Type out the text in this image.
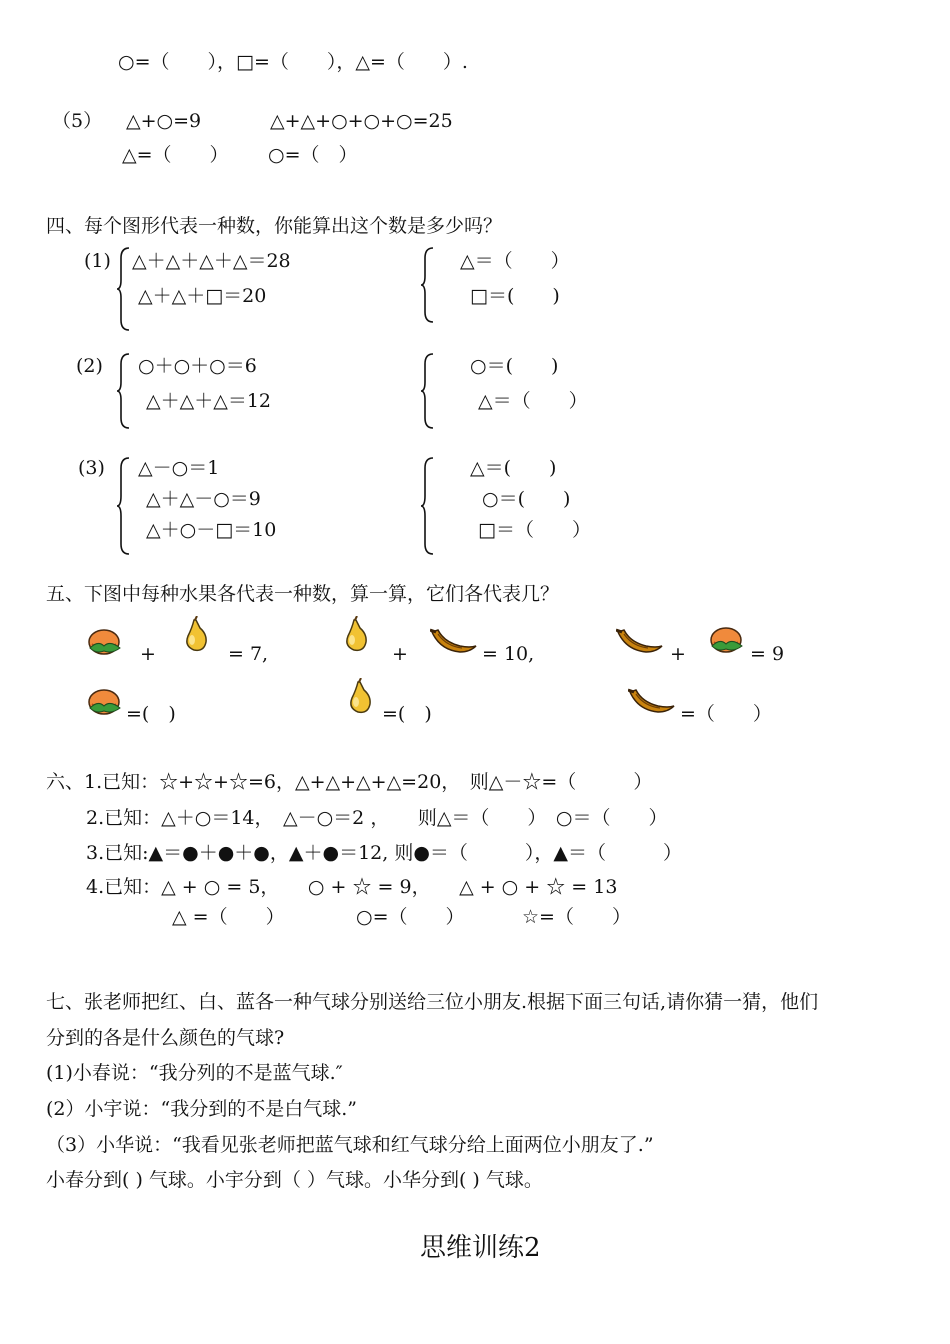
○=（　　），□=（　　），△=（　　）.
（5） △+○=9	△+△+○+○+○=25
△=（　　） ○=（　）
四、每个图形代表一种数，你能算出这个数是多少吗？
(1) △＋△＋△＋△＝28
△＋△＋□＝20
△＝（　　）
□＝(　　)
(2) ○＋○＋○＝6
△＋△＋△＝12
○＝(　　)
△＝（　　）
(3) △－○＝1
△＋△－○＝9
△＋○－□＝10
△＝(　　)
○＝(　　)
□＝（　　）
五、下图中每种水果各代表一种数，算一算，它们各代表几？
+	= 7,	+	= 10,	+	= 9
=(　)	=(　)	=（　　）
六、1.已知：☆+☆+☆=6，△+△+△+△=20，　则△－☆=（　　　）
2.已知：△＋○＝14，　△－○＝2 ，　　则△＝（　　）　○＝（　　）
3.已知:▲＝●＋●＋●，▲＋●＝12, 则●＝（　　　），▲＝（　　　）
4.已知：△ + ○ = 5，　　○ + ☆ = 9，　　△ + ○ + ☆ = 13
△ =（　　）	○=（　　）	☆=（　　）
七、张老师把红、白、蓝各一种气球分别送给三位小朋友.根据下面三句话,请你猜一猜，他们
分到的各是什么颜色的气球?
(1)小春说：“我分列的不是蓝气球.″
(2）小宇说：“我分到的不是白气球.”
（3）小华说：“我看见张老师把蓝气球和红气球分给上面两位小朋友了.”
小春分到( ) 气球。小宇分到（ ）气球。小华分到( ) 气球。
思维训练2
